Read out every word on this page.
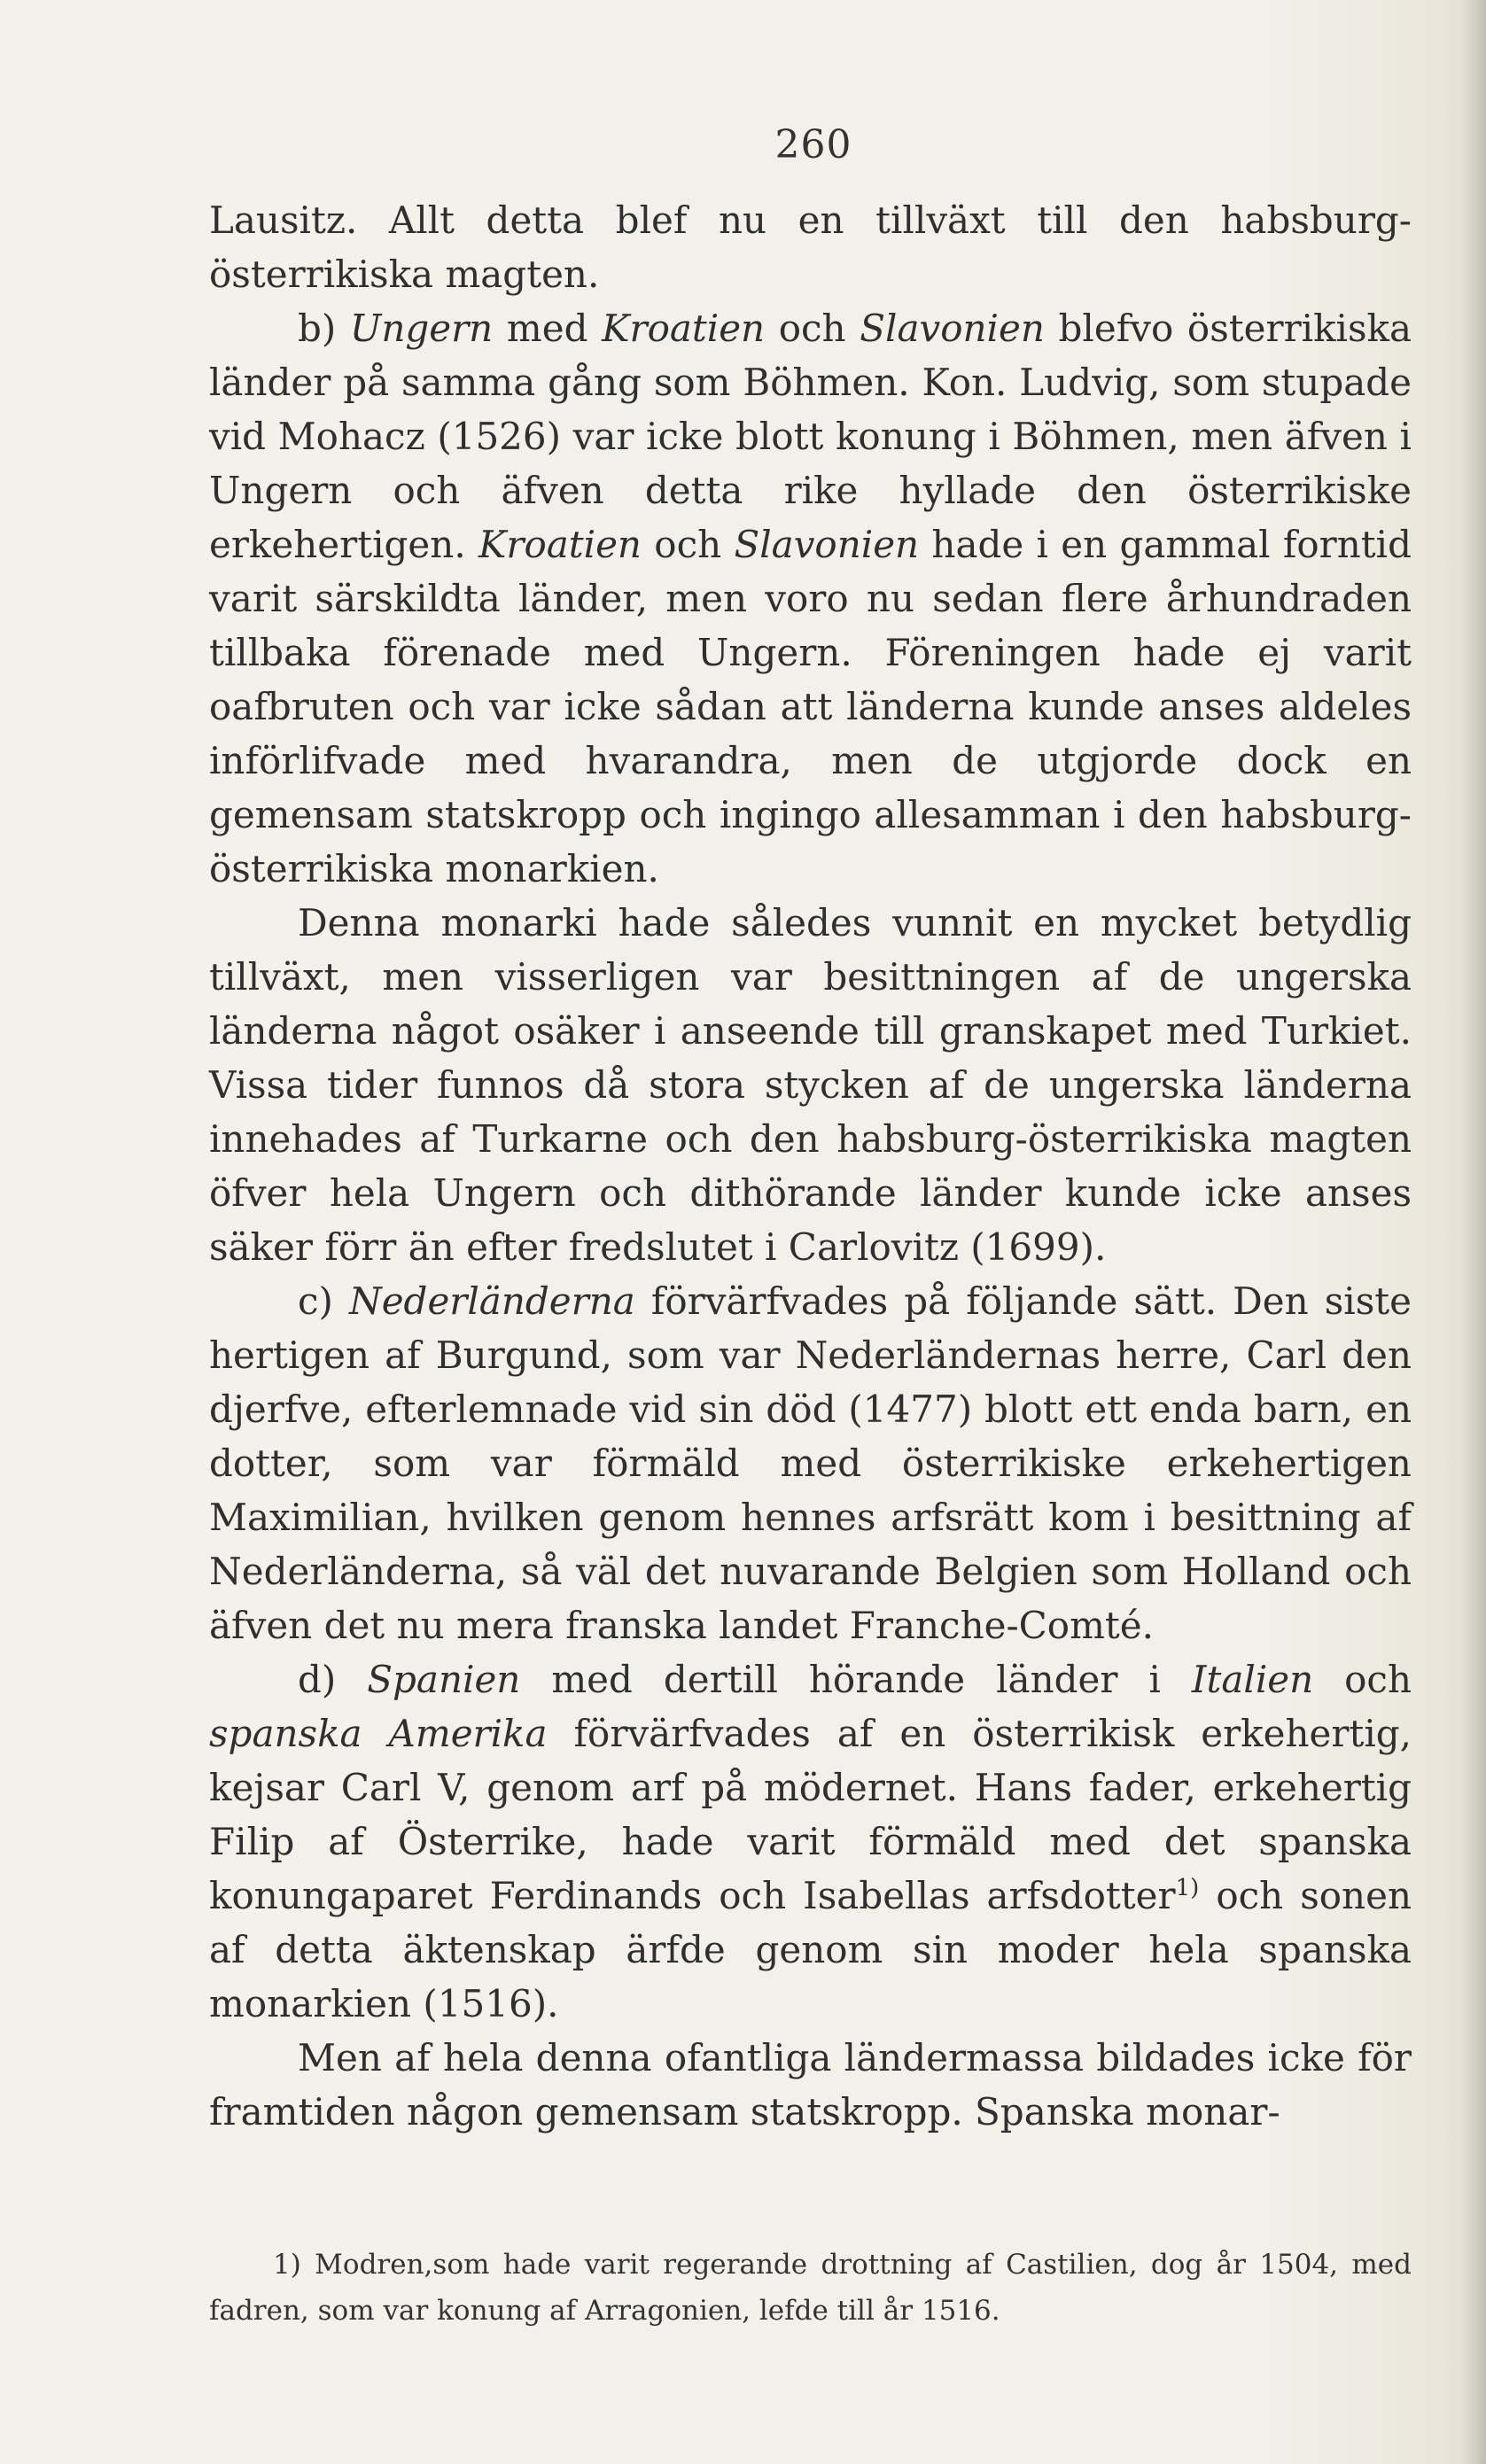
260

Lausitz. Allt detta blef nu en tillväxt till den habsburg-österrikiska magten.

b) Ungern med Kroatien och Slavonien blefvo österrikiska länder på samma gång som Böhmen. Kon. Ludvig, som stupade vid Mohacz (1526) var icke blott konung i Böhmen, men äfven i Ungern och äfven detta rike hyllade den österrikiske erkehertigen. Kroatien och Slavonien hade i en gammal forntid varit särskildta länder, men voro nu sedan flere århundraden tillbaka förenade med Ungern. Föreningen hade ej varit oafbruten och var icke sådan att länderna kunde anses aldeles införlifvade med hvarandra, men de utgjorde dock en gemensam statskropp och ingingo allesamman i den habsburg-österrikiska monarkien.

Denna monarki hade således vunnit en mycket betydlig tillväxt, men visserligen var besittningen af de ungerska länderna något osäker i anseende till granskapet med Turkiet. Vissa tider funnos då stora stycken af de ungerska länderna innehades af Turkarne och den habsburg-österrikiska magten öfver hela Ungern och dithörande länder kunde icke anses säker förr än efter fredslutet i Carlovitz (1699).

c) Nederländerna förvärfvades på följande sätt. Den siste hertigen af Burgund, som var Nederländernas herre, Carl den djerfve, efterlemnade vid sin död (1477) blott ett enda barn, en dotter, som var förmäld med österrikiske erkehertigen Maximilian, hvilken genom hennes arfsrätt kom i besittning af Nederländerna, så väl det nuvarande Belgien som Holland och äfven det nu mera franska landet Franche-Comté.

d) Spanien med dertill hörande länder i Italien och spanska Amerika förvärfvades af en österrikisk erkehertig, kejsar Carl V, genom arf på mödernet. Hans fader, erkehertig Filip af Österrike, hade varit förmäld med det spanska konungaparet Ferdinands och Isabellas arfsdotter$^{1)}$ och sonen af detta äktenskap ärfde genom sin moder hela spanska monarkien (1516).

Men af hela denna ofantliga ländermassa bildades icke för framtiden någon gemensam statskropp. Spanska monar-

1) Modren,som hade varit regerande drottning af Castilien, dog år 1504, med fadren, som var konung af Arragonien, lefde till år 1516.
